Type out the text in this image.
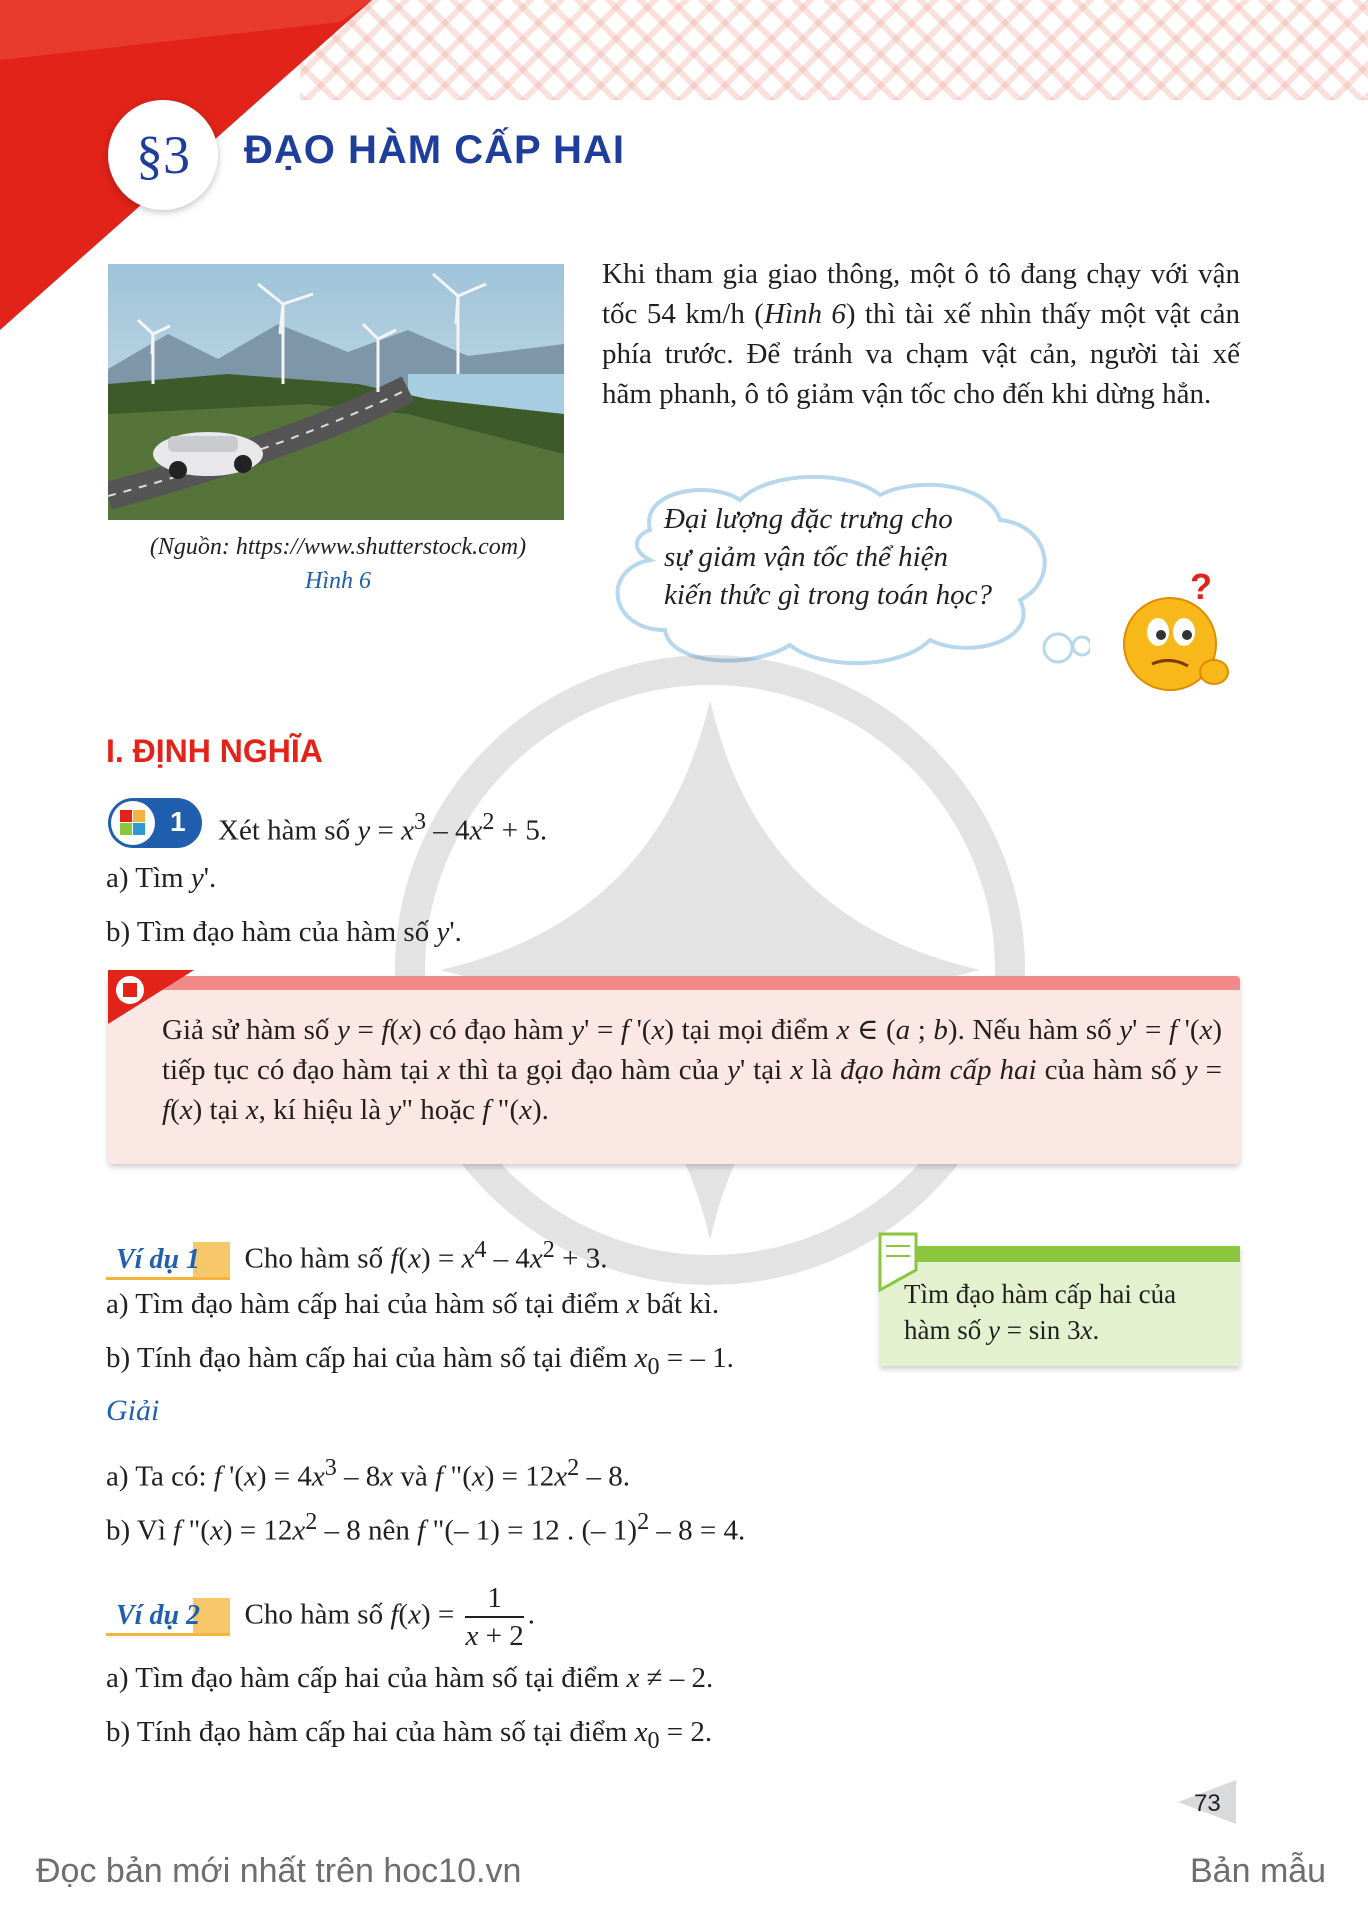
§3	ĐẠO HÀM CẤP HAI
(Nguồn: https://www.shutterstock.com)
Hình 6
Khi tham gia giao thông, một ô tô đang chạy với vận tốc 54 km/h (Hình 6) thì tài xế nhìn thấy một vật cản phía trước. Để tránh va chạm vật cản, người tài xế hãm phanh, ô tô giảm vận tốc cho đến khi dừng hẳn.
Đại lượng đặc trưng cho
sự giảm vận tốc thể hiện
kiến thức gì trong toán học?	?
I. ĐỊNH NGHĨA
1 Xét hàm số $y = x^3 - 4x^2 + 5$.
a) Tìm y'.
b) Tìm đạo hàm của hàm số y'.
Giả sử hàm số y = f(x) có đạo hàm y' = f '(x) tại mọi điểm x ∈ (a ; b). Nếu hàm số y' = f '(x) tiếp tục có đạo hàm tại x thì ta gọi đạo hàm của y' tại x là đạo hàm cấp hai của hàm số y = f(x) tại x, kí hiệu là y" hoặc f "(x).
Ví dụ 1 Cho hàm số $f(x) = x^4 - 4x^2 + 3$.
a) Tìm đạo hàm cấp hai của hàm số tại điểm x bất kì.
b) Tính đạo hàm cấp hai của hàm số tại điểm $x_0$ = – 1.
Tìm đạo hàm cấp hai của
hàm số y = sin 3x.
Giải
a) Ta có: f '$(x) = 4x^3 - 8x$ và f "$(x) = 12x^2 - 8$.
b) Vì f "$(x) = 12x^2 - 8$ nên f "(– 1) = 12 . (– 1)$^2$ – 8 = 4.
Ví dụ 2 Cho hàm số $f(x) = \frac{1}{x + 2}$ .
a) Tìm đạo hàm cấp hai của hàm số tại điểm x ≠ – 2.
b) Tính đạo hàm cấp hai của hàm số tại điểm $x_0 = 2$.
73
Đọc bản mới nhất trên hoc10.vn	Bản mẫu
